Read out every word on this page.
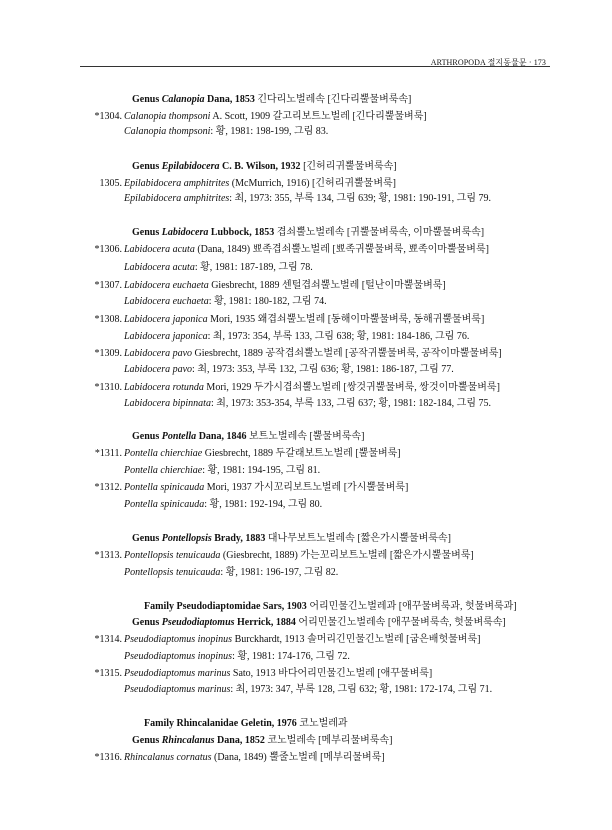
ARTHROPODA 절지동물문 · 173
Genus Calanopia Dana, 1853 긴다리노벌레속 [긴다리뿔물벼룩속]
*1304. Calanopia thompsoni A. Scott, 1909 갈고리보트노벌레 [긴다리뿔물벼룩]
Calanopia thompsoni: 황, 1981: 198-199, 그림 83.
Genus Epilabidocera C. B. Wilson, 1932 [긴허리귀뿔물벼룩속]
1305. Epilabidocera amphitrites (McMurrich, 1916) [긴허리귀뿔물벼룩]
Epilabidocera amphitrites: 최, 1973: 355, 부록 134, 그림 639; 황, 1981: 190-191, 그림 79.
Genus Labidocera Lubbock, 1853 겹쇠뿔노벌레속 [귀뿔물벼룩속, 이마뿔물벼룩속]
*1306. Labidocera acuta (Dana, 1849) 뾰족겹쇠뿔노벌레 [뾰족귀뿔물벼룩, 뾰족이마뿔물벼룩]
Labidocera acuta: 황, 1981: 187-189, 그림 78.
*1307. Labidocera euchaeta Giesbrecht, 1889 센털겹쇠뿔노벌레 [털난이마뿔물벼룩]
Labidocera euchaeta: 황, 1981: 180-182, 그림 74.
*1308. Labidocera japonica Mori, 1935 왜겹쇠뿔노벌레 [동해이마뿔물벼룩, 동해귀뿔물벼룩]
Labidocera japonica: 최, 1973: 354, 부록 133, 그림 638; 황, 1981: 184-186, 그림 76.
*1309. Labidocera pavo Giesbrecht, 1889 공작겹쇠뿔노벌레 [공작귀뿔물벼룩, 공작이마뿔물벼룩]
Labidocera pavo: 최, 1973: 353, 부록 132, 그림 636; 황, 1981: 186-187, 그림 77.
*1310. Labidocera rotunda Mori, 1929 두가시겹쇠뿔노벌레 [쌍것귀뿔물벼룩, 쌍것이마뿔물벼룩]
Labidocera bipinnata: 최, 1973: 353-354, 부록 133, 그림 637; 황, 1981: 182-184, 그림 75.
Genus Pontella Dana, 1846 보트노벌레속 [뿔물벼룩속]
*1311. Pontella chierchiae Giesbrecht, 1889 두갈래보트노벌레 [뿔물벼룩]
Pontella chierchiae: 황, 1981: 194-195, 그림 81.
*1312. Pontella spinicauda Mori, 1937 가시꼬리보트노벌레 [가시뿔물벼룩]
Pontella spinicauda: 황, 1981: 192-194, 그림 80.
Genus Pontellopsis Brady, 1883 대나무보트노벌레속 [짧은가시뿔물벼룩속]
*1313. Pontellopsis tenuicauda (Giesbrecht, 1889) 가는꼬리보트노벌레 [짧은가시뿔물벼룩]
Pontellopsis tenuicauda: 황, 1981: 196-197, 그림 82.
Family Pseudodiaptomidae Sars, 1903 어리민물긴노벌레과 [애꾸물벼룩과, 헛물벼룩과]
Genus Pseudodiaptomus Herrick, 1884 어리민물긴노벌레속 [애꾸물벼룩속, 헛물벼룩속]
*1314. Pseudodiaptomus inopinus Burckhardt, 1913 솔머리긴민물긴노벌레 [굽은배헛물벼룩]
Pseudodiaptomus inopinus: 황, 1981: 174-176, 그림 72.
*1315. Pseudodiaptomus marinus Sato, 1913 바다어리민물긴노벌레 [애꾸물벼룩]
Pseudodiaptomus marinus: 최, 1973: 347, 부록 128, 그림 632; 황, 1981: 172-174, 그림 71.
Family Rhincalanidae Geletin, 1976 코노벌레과
Genus Rhincalanus Dana, 1852 코노벌레속 [메부리물벼룩속]
*1316. Rhincalanus cornatus (Dana, 1849) 뿔줄노벌레 [메부리물벼룩]
